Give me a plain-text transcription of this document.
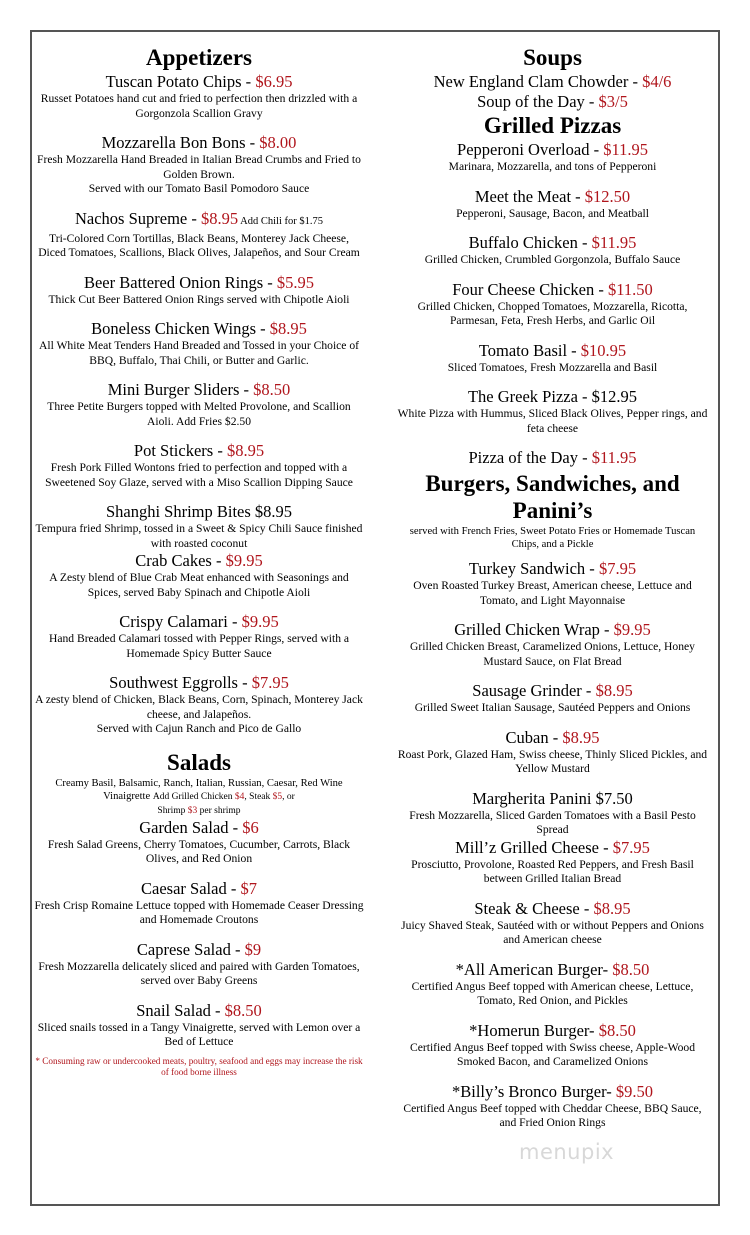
Appetizers
Tuscan Potato Chips - $6.95
Russet Potatoes hand cut and fried to perfection then drizzled with a Gorgonzola Scallion Gravy
Mozzarella Bon Bons - $8.00
Fresh Mozzarella Hand Breaded in Italian Bread Crumbs and Fried to Golden Brown.
Served with our Tomato Basil Pomodoro Sauce
Nachos Supreme - $8.95 Add Chili for $1.75
Tri-Colored Corn Tortillas, Black Beans, Monterey Jack Cheese, Diced Tomatoes, Scallions, Black Olives, Jalapeños, and Sour Cream
Beer Battered Onion Rings - $5.95
Thick Cut Beer Battered Onion Rings served with Chipotle Aioli
Boneless Chicken Wings - $8.95
All White Meat Tenders Hand Breaded and Tossed in your Choice of BBQ, Buffalo, Thai Chili, or Butter and Garlic.
Mini Burger Sliders - $8.50
Three Petite Burgers topped with Melted Provolone, and Scallion Aioli. Add Fries $2.50
Pot Stickers - $8.95
Fresh Pork Filled Wontons fried to perfection and topped with a Sweetened Soy Glaze, served with a Miso Scallion Dipping Sauce
Shanghi Shrimp Bites $8.95
Tempura fried Shrimp, tossed in a Sweet & Spicy Chili Sauce finished with roasted coconut
Crab Cakes - $9.95
A Zesty blend of Blue Crab Meat enhanced with Seasonings and Spices, served Baby Spinach and Chipotle Aioli
Crispy Calamari - $9.95
Hand Breaded Calamari tossed with Pepper Rings, served with a Homemade Spicy Butter Sauce
Southwest Eggrolls - $7.95
A zesty blend of Chicken, Black Beans, Corn, Spinach, Monterey Jack cheese, and Jalapeños.
Served with Cajun Ranch and Pico de Gallo
Salads
Creamy Basil, Balsamic, Ranch, Italian, Russian, Caesar, Red Wine Vinaigrette Add Grilled Chicken $4, Steak $5, or
Shrimp $3 per shrimp
Garden Salad - $6
Fresh Salad Greens, Cherry Tomatoes, Cucumber, Carrots, Black Olives, and Red Onion
Caesar Salad - $7
Fresh Crisp Romaine Lettuce topped with Homemade Ceaser Dressing and Homemade Croutons
Caprese Salad - $9
Fresh Mozzarella delicately sliced and paired with Garden Tomatoes, served over Baby Greens
Snail Salad - $8.50
Sliced snails tossed in a Tangy Vinaigrette, served with Lemon over a Bed of Lettuce
* Consuming raw or undercooked meats, poultry, seafood and eggs may increase the risk of food borne illness
Soups
New England Clam Chowder - $4/6
Soup of the Day - $3/5
Grilled Pizzas
Pepperoni Overload - $11.95
Marinara, Mozzarella, and tons of Pepperoni
Meet the Meat - $12.50
Pepperoni, Sausage, Bacon, and Meatball
Buffalo Chicken - $11.95
Grilled Chicken, Crumbled Gorgonzola, Buffalo Sauce
Four Cheese Chicken - $11.50
Grilled Chicken, Chopped Tomatoes, Mozzarella, Ricotta, Parmesan, Feta, Fresh Herbs, and Garlic Oil
Tomato Basil - $10.95
Sliced Tomatoes, Fresh Mozzarella and Basil
The Greek Pizza - $12.95
White Pizza with Hummus, Sliced Black Olives, Pepper rings, and feta cheese
Pizza of the Day - $11.95
Burgers, Sandwiches, and Panini’s
served with French Fries, Sweet Potato Fries or Homemade Tuscan Chips, and a Pickle
Turkey Sandwich - $7.95
Oven Roasted Turkey Breast, American cheese, Lettuce and Tomato, and Light Mayonnaise
Grilled Chicken Wrap - $9.95
Grilled Chicken Breast, Caramelized Onions, Lettuce, Honey Mustard Sauce, on Flat Bread
Sausage Grinder - $8.95
Grilled Sweet Italian Sausage, Sautéed Peppers and Onions
Cuban - $8.95
Roast Pork, Glazed Ham, Swiss cheese, Thinly Sliced Pickles, and Yellow Mustard
Margherita Panini $7.50
Fresh Mozzarella, Sliced Garden Tomatoes with a Basil Pesto Spread
Mill’z Grilled Cheese - $7.95
Prosciutto, Provolone, Roasted Red Peppers, and Fresh Basil between Grilled Italian Bread
Steak & Cheese - $8.95
Juicy Shaved Steak, Sautéed with or without Peppers and Onions and American cheese
*All American Burger- $8.50
Certified Angus Beef topped with American cheese, Lettuce, Tomato, Red Onion, and Pickles
*Homerun Burger- $8.50
Certified Angus Beef topped with Swiss cheese, Apple-Wood Smoked Bacon, and Caramelized Onions
*Billy’s Bronco Burger- $9.50
Certified Angus Beef topped with Cheddar Cheese, BBQ Sauce, and Fried Onion Rings
menupix
